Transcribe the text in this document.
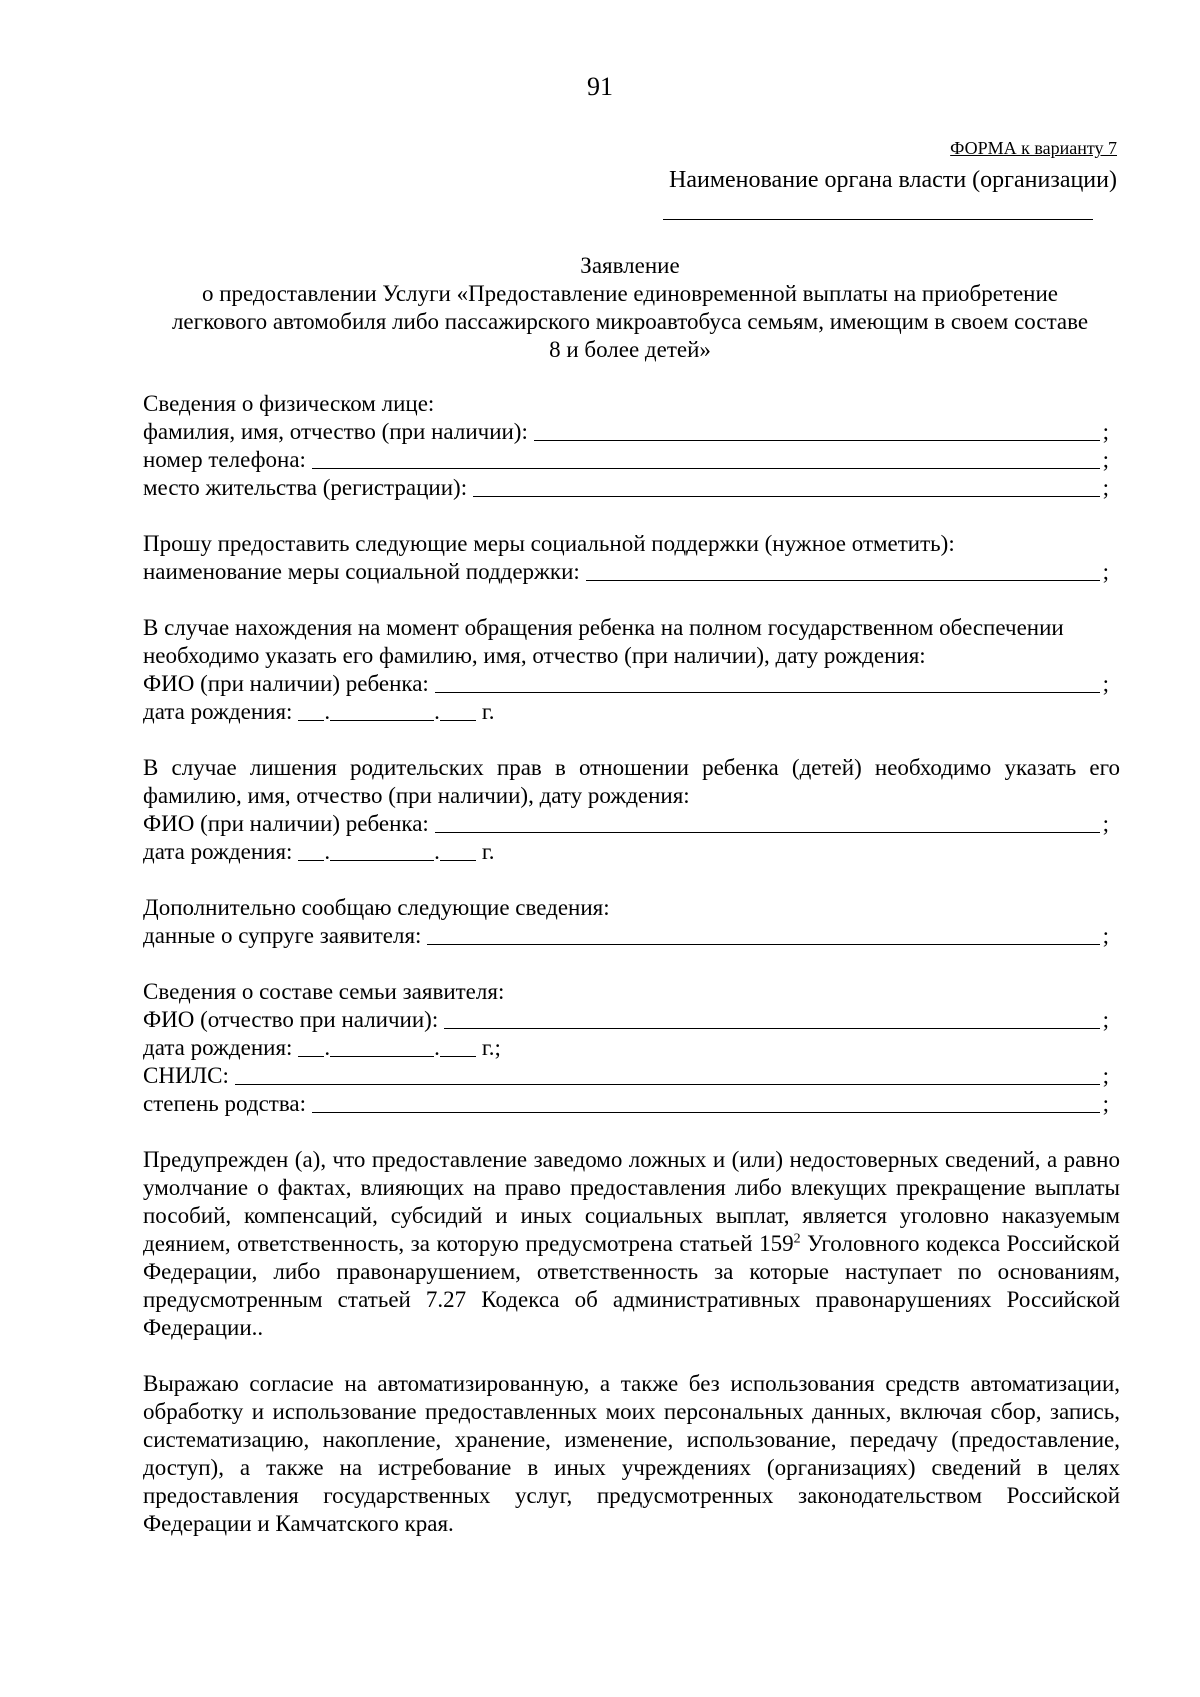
91
ФОРМА к варианту 7
Наименование органа власти (организации)
Заявление
о предоставлении Услуги «Предоставление единовременной выплаты на приобретение
легкового автомобиля либо пассажирского микроавтобуса семьям, имеющим в своем составе
8 и более детей»
Сведения о физическом лице:
фамилия, имя, отчество (при наличии):	;
номер телефона:	;
место жительства (регистрации):	;
Прошу предоставить следующие меры социальной поддержки (нужное отметить):
наименование меры социальной поддержки:	;
В случае нахождения на момент обращения ребенка на полном государственном обеспечении
необходимо указать его фамилию, имя, отчество (при наличии), дату рождения:
ФИО (при наличии) ребенка:	;
дата рождения: .	. г.
В случае лишения родительских прав в отношении ребенка (детей) необходимо указать его
фамилию, имя, отчество (при наличии), дату рождения:
ФИО (при наличии) ребенка:	;
дата рождения: .	. г.
Дополнительно сообщаю следующие сведения:
данные о супруге заявителя:	;
Сведения о составе семьи заявителя:
ФИО (отчество при наличии):	;
дата рождения: .	. г.;
СНИЛС:	;
степень родства:	;
Предупрежден (а), что предоставление заведомо ложных и (или) недостоверных сведений, а равно умолчание о фактах, влияющих на право предоставления либо влекущих прекращение выплаты пособий, компенсаций, субсидий и иных социальных выплат, является уголовно наказуемым деянием, ответственность, за которую предусмотрена статьей $159^2$ Уголовного кодекса Российской Федерации, либо правонарушением, ответственность за которые наступает по основаниям, предусмотренным статьей 7.27 Кодекса об административных правонарушениях Российской Федерации..
Выражаю согласие на автоматизированную, а также без использования средств автоматизации, обработку и использование предоставленных моих персональных данных, включая сбор, запись, систематизацию, накопление, хранение, изменение, использование, передачу (предоставление, доступ), а также на истребование в иных учреждениях (организациях) сведений в целях предоставления государственных услуг, предусмотренных законодательством Российской Федерации и Камчатского края.
